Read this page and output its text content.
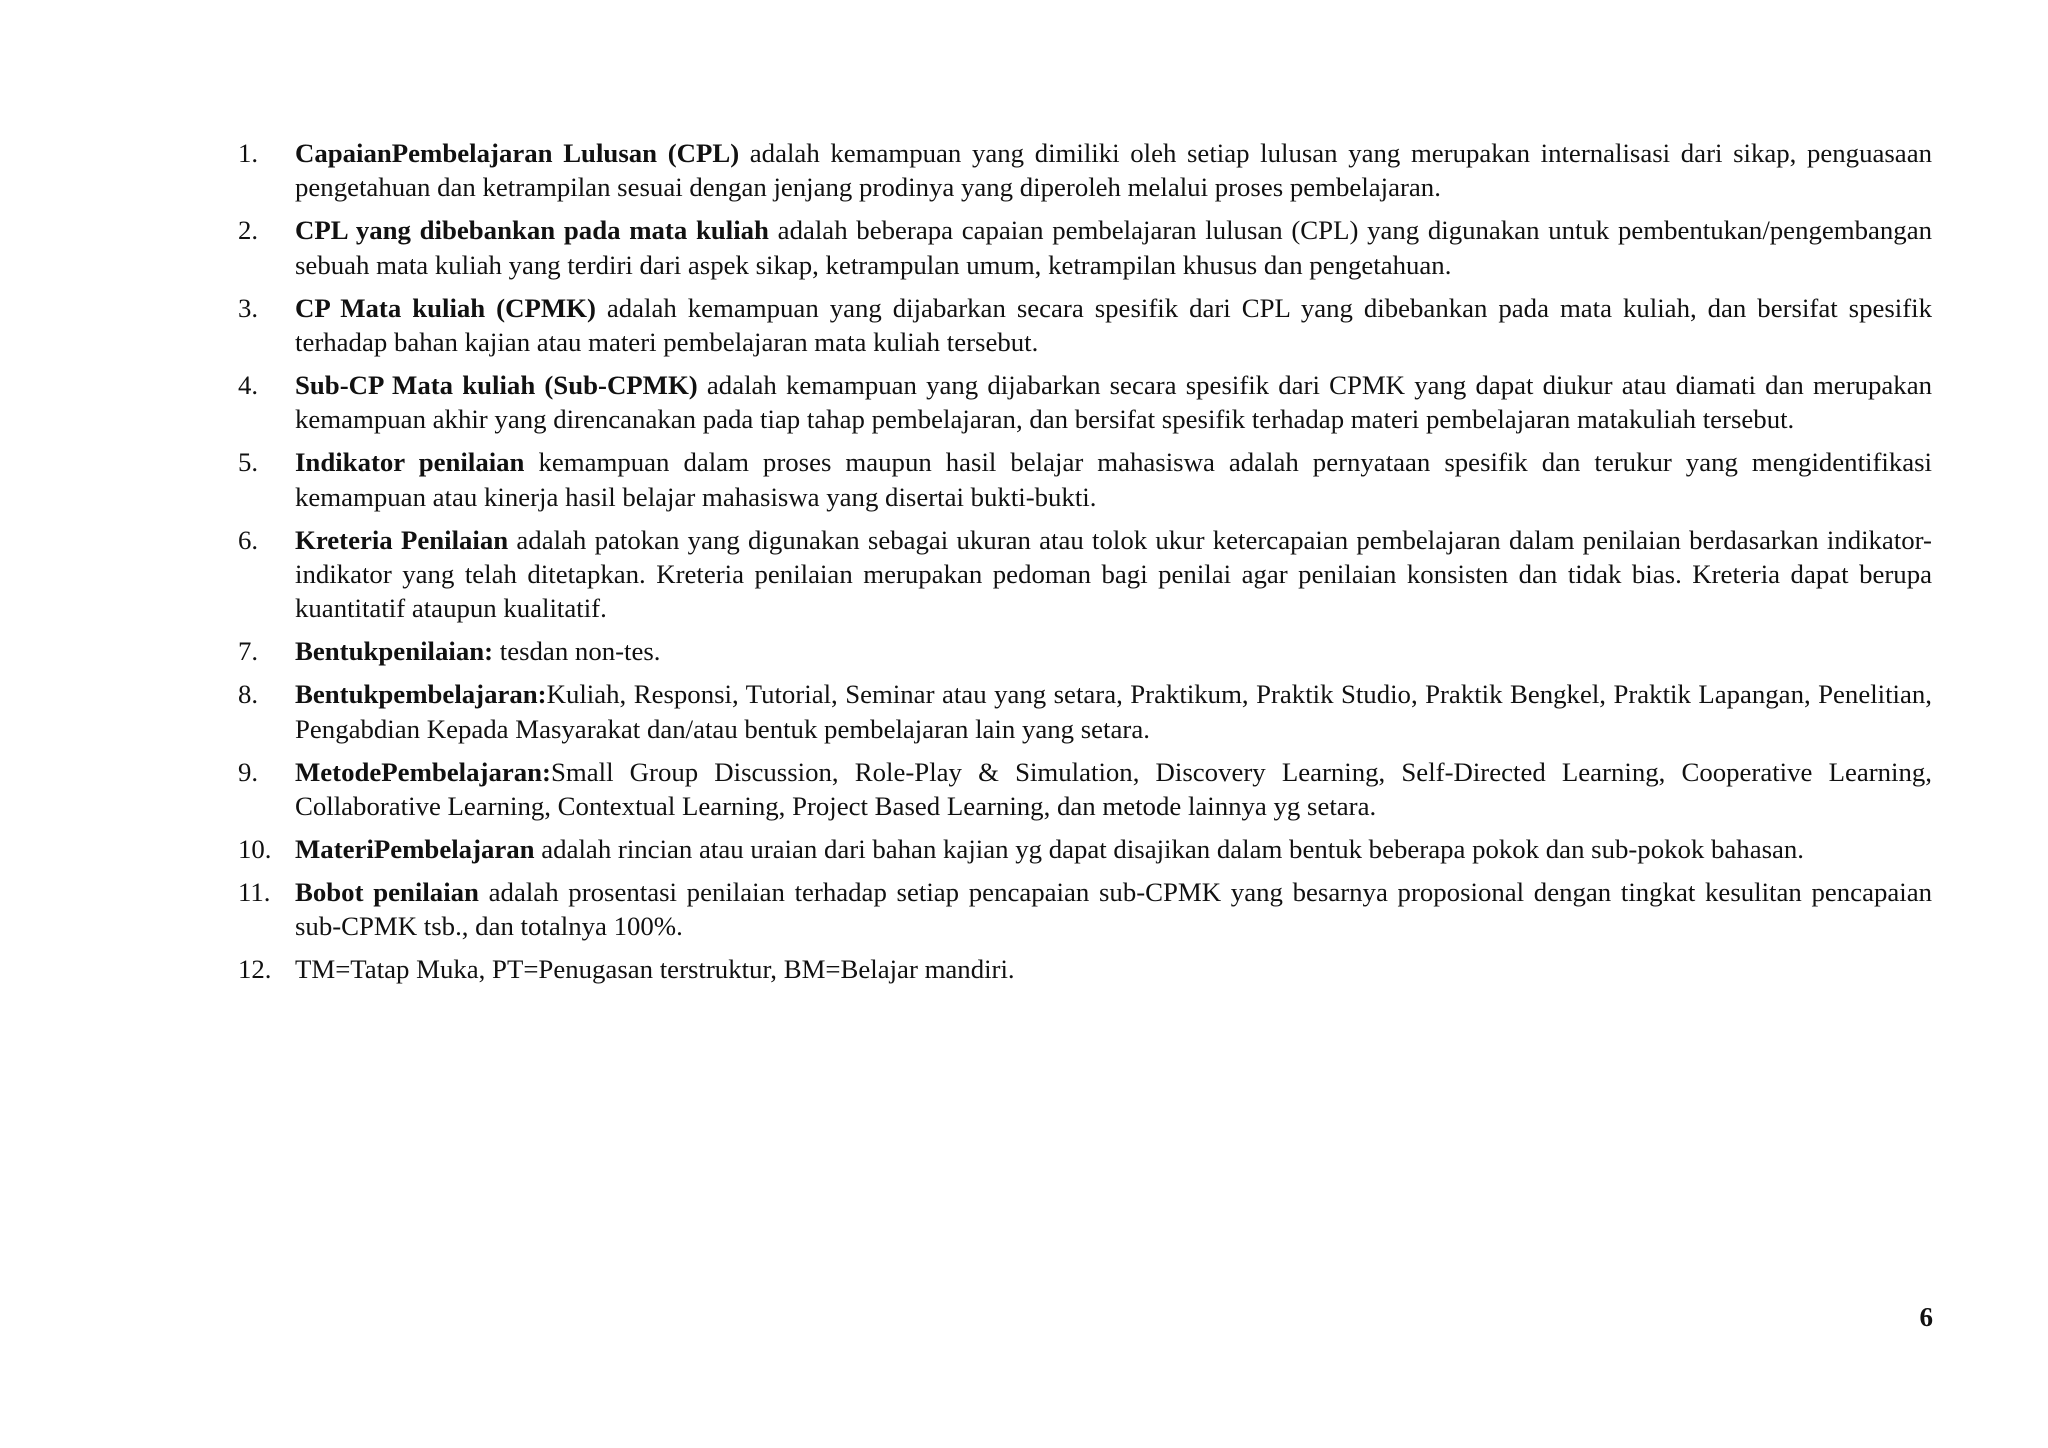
1.	CapaianPembelajaran Lulusan (CPL) adalah kemampuan yang dimiliki oleh setiap lulusan yang merupakan internalisasi dari sikap, penguasaan pengetahuan dan ketrampilan sesuai dengan jenjang prodinya yang diperoleh melalui proses pembelajaran.
2.	CPL yang dibebankan pada mata kuliah adalah beberapa capaian pembelajaran lulusan (CPL) yang digunakan untuk pembentukan/pengembangan sebuah mata kuliah yang terdiri dari aspek sikap, ketrampulan umum, ketrampilan khusus dan pengetahuan.
3.	CP Mata kuliah (CPMK) adalah kemampuan yang dijabarkan secara spesifik dari CPL yang dibebankan pada mata kuliah, dan bersifat spesifik terhadap bahan kajian atau materi pembelajaran mata kuliah tersebut.
4.	Sub-CP Mata kuliah (Sub-CPMK) adalah kemampuan yang dijabarkan secara spesifik dari CPMK yang dapat diukur atau diamati dan merupakan kemampuan akhir yang direncanakan pada tiap tahap pembelajaran, dan bersifat spesifik terhadap materi pembelajaran matakuliah tersebut.
5.	Indikator penilaian kemampuan dalam proses maupun hasil belajar mahasiswa adalah pernyataan spesifik dan terukur yang mengidentifikasi kemampuan atau kinerja hasil belajar mahasiswa yang disertai bukti-bukti.
6.	Kreteria Penilaian adalah patokan yang digunakan sebagai ukuran atau tolok ukur ketercapaian pembelajaran dalam penilaian berdasarkan indikator-indikator yang telah ditetapkan. Kreteria penilaian merupakan pedoman bagi penilai agar penilaian konsisten dan tidak bias. Kreteria dapat berupa kuantitatif ataupun kualitatif.
7.	Bentukpenilaian: tesdan non-tes.
8.	Bentukpembelajaran:Kuliah, Responsi, Tutorial, Seminar atau yang setara, Praktikum, Praktik Studio, Praktik Bengkel, Praktik Lapangan, Penelitian, Pengabdian Kepada Masyarakat dan/atau bentuk pembelajaran lain yang setara.
9.	MetodePembelajaran:Small Group Discussion, Role-Play & Simulation, Discovery Learning, Self-Directed Learning, Cooperative Learning, Collaborative Learning, Contextual Learning, Project Based Learning, dan metode lainnya yg setara.
10. MateriPembelajaran adalah rincian atau uraian dari bahan kajian yg dapat disajikan dalam bentuk beberapa pokok dan sub-pokok bahasan.
11. Bobot penilaian adalah prosentasi penilaian terhadap setiap pencapaian sub-CPMK yang besarnya proposional dengan tingkat kesulitan pencapaian sub-CPMK tsb., dan totalnya 100%.
12. TM=Tatap Muka, PT=Penugasan terstruktur, BM=Belajar mandiri.
6
